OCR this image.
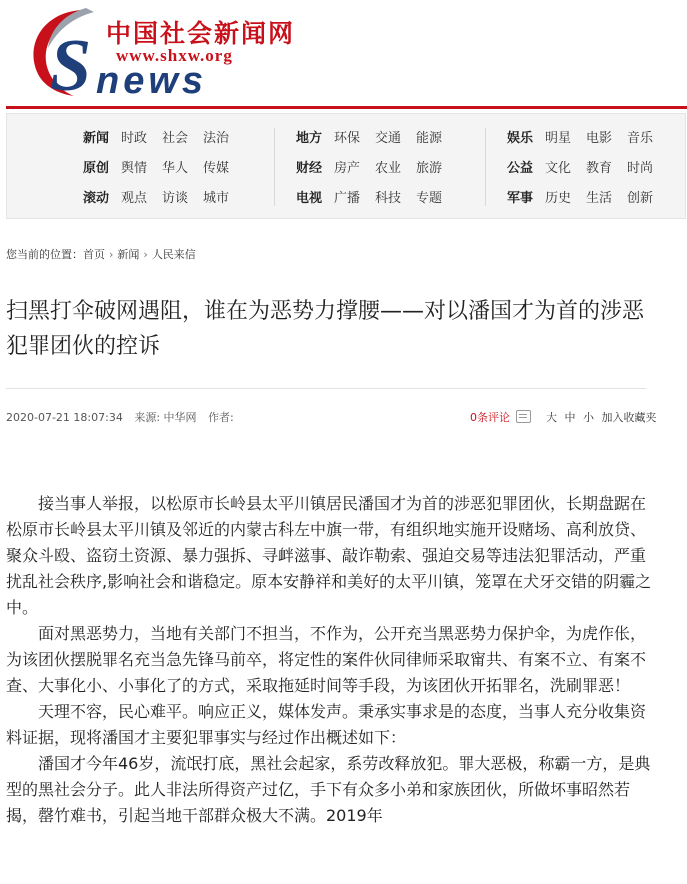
S 中国社会新闻网
www.shxw.org
news
新闻 时政 社会 法治
原创 舆情 华人 传媒
滚动 观点 访谈 城市
地方 环保 交通 能源
财经 房产 农业 旅游
电视 广播 科技 专题
娱乐 明星 电影 音乐
公益 文化 教育 时尚
军事 历史 生活 创新
您当前的位置：首页 › 新闻 › 人民来信
扫黑打伞破网遇阻，谁在为恶势力撑腰——对以潘国才为首的涉恶犯罪团伙的控诉
2020-07-21 18:07:34 来源: 中华网 作者:	0条评论	大 中 小 加入收藏夹

接当事人举报，以松原市长岭县太平川镇居民潘国才为首的涉恶犯罪团伙，长期盘踞在松原市长岭县太平川镇及邻近的内蒙古科左中旗一带，有组织地实施开设赌场、高利放贷、聚众斗殴、盗窃土资源、暴力强拆、寻衅滋事、敲诈勒索、强迫交易等违法犯罪活动，严重扰乱社会秩序,影响社会和谐稳定。原本安静祥和美好的太平川镇，笼罩在犬牙交错的阴霾之中。

面对黑恶势力，当地有关部门不担当，不作为，公开充当黑恶势力保护伞，为虎作伥，为该团伙摆脱罪名充当急先锋马前卒，将定性的案件伙同律师采取甯共、有案不立、有案不查、大事化小、小事化了的方式，采取拖延时间等手段，为该团伙开拓罪名，洗刷罪恶！

天理不容，民心难平。响应正义，媒体发声。秉承实事求是的态度，当事人充分收集资料证据，现将潘国才主要犯罪事实与经过作出概述如下：

潘国才今年46岁，流氓打底，黑社会起家，系劳改释放犯。罪大恶极，称霸一方，是典型的黑社会分子。此人非法所得资产过亿，手下有众多小弟和家族团伙，所做坏事昭然若揭，罄竹难书，引起当地干部群众极大不满。2019年
